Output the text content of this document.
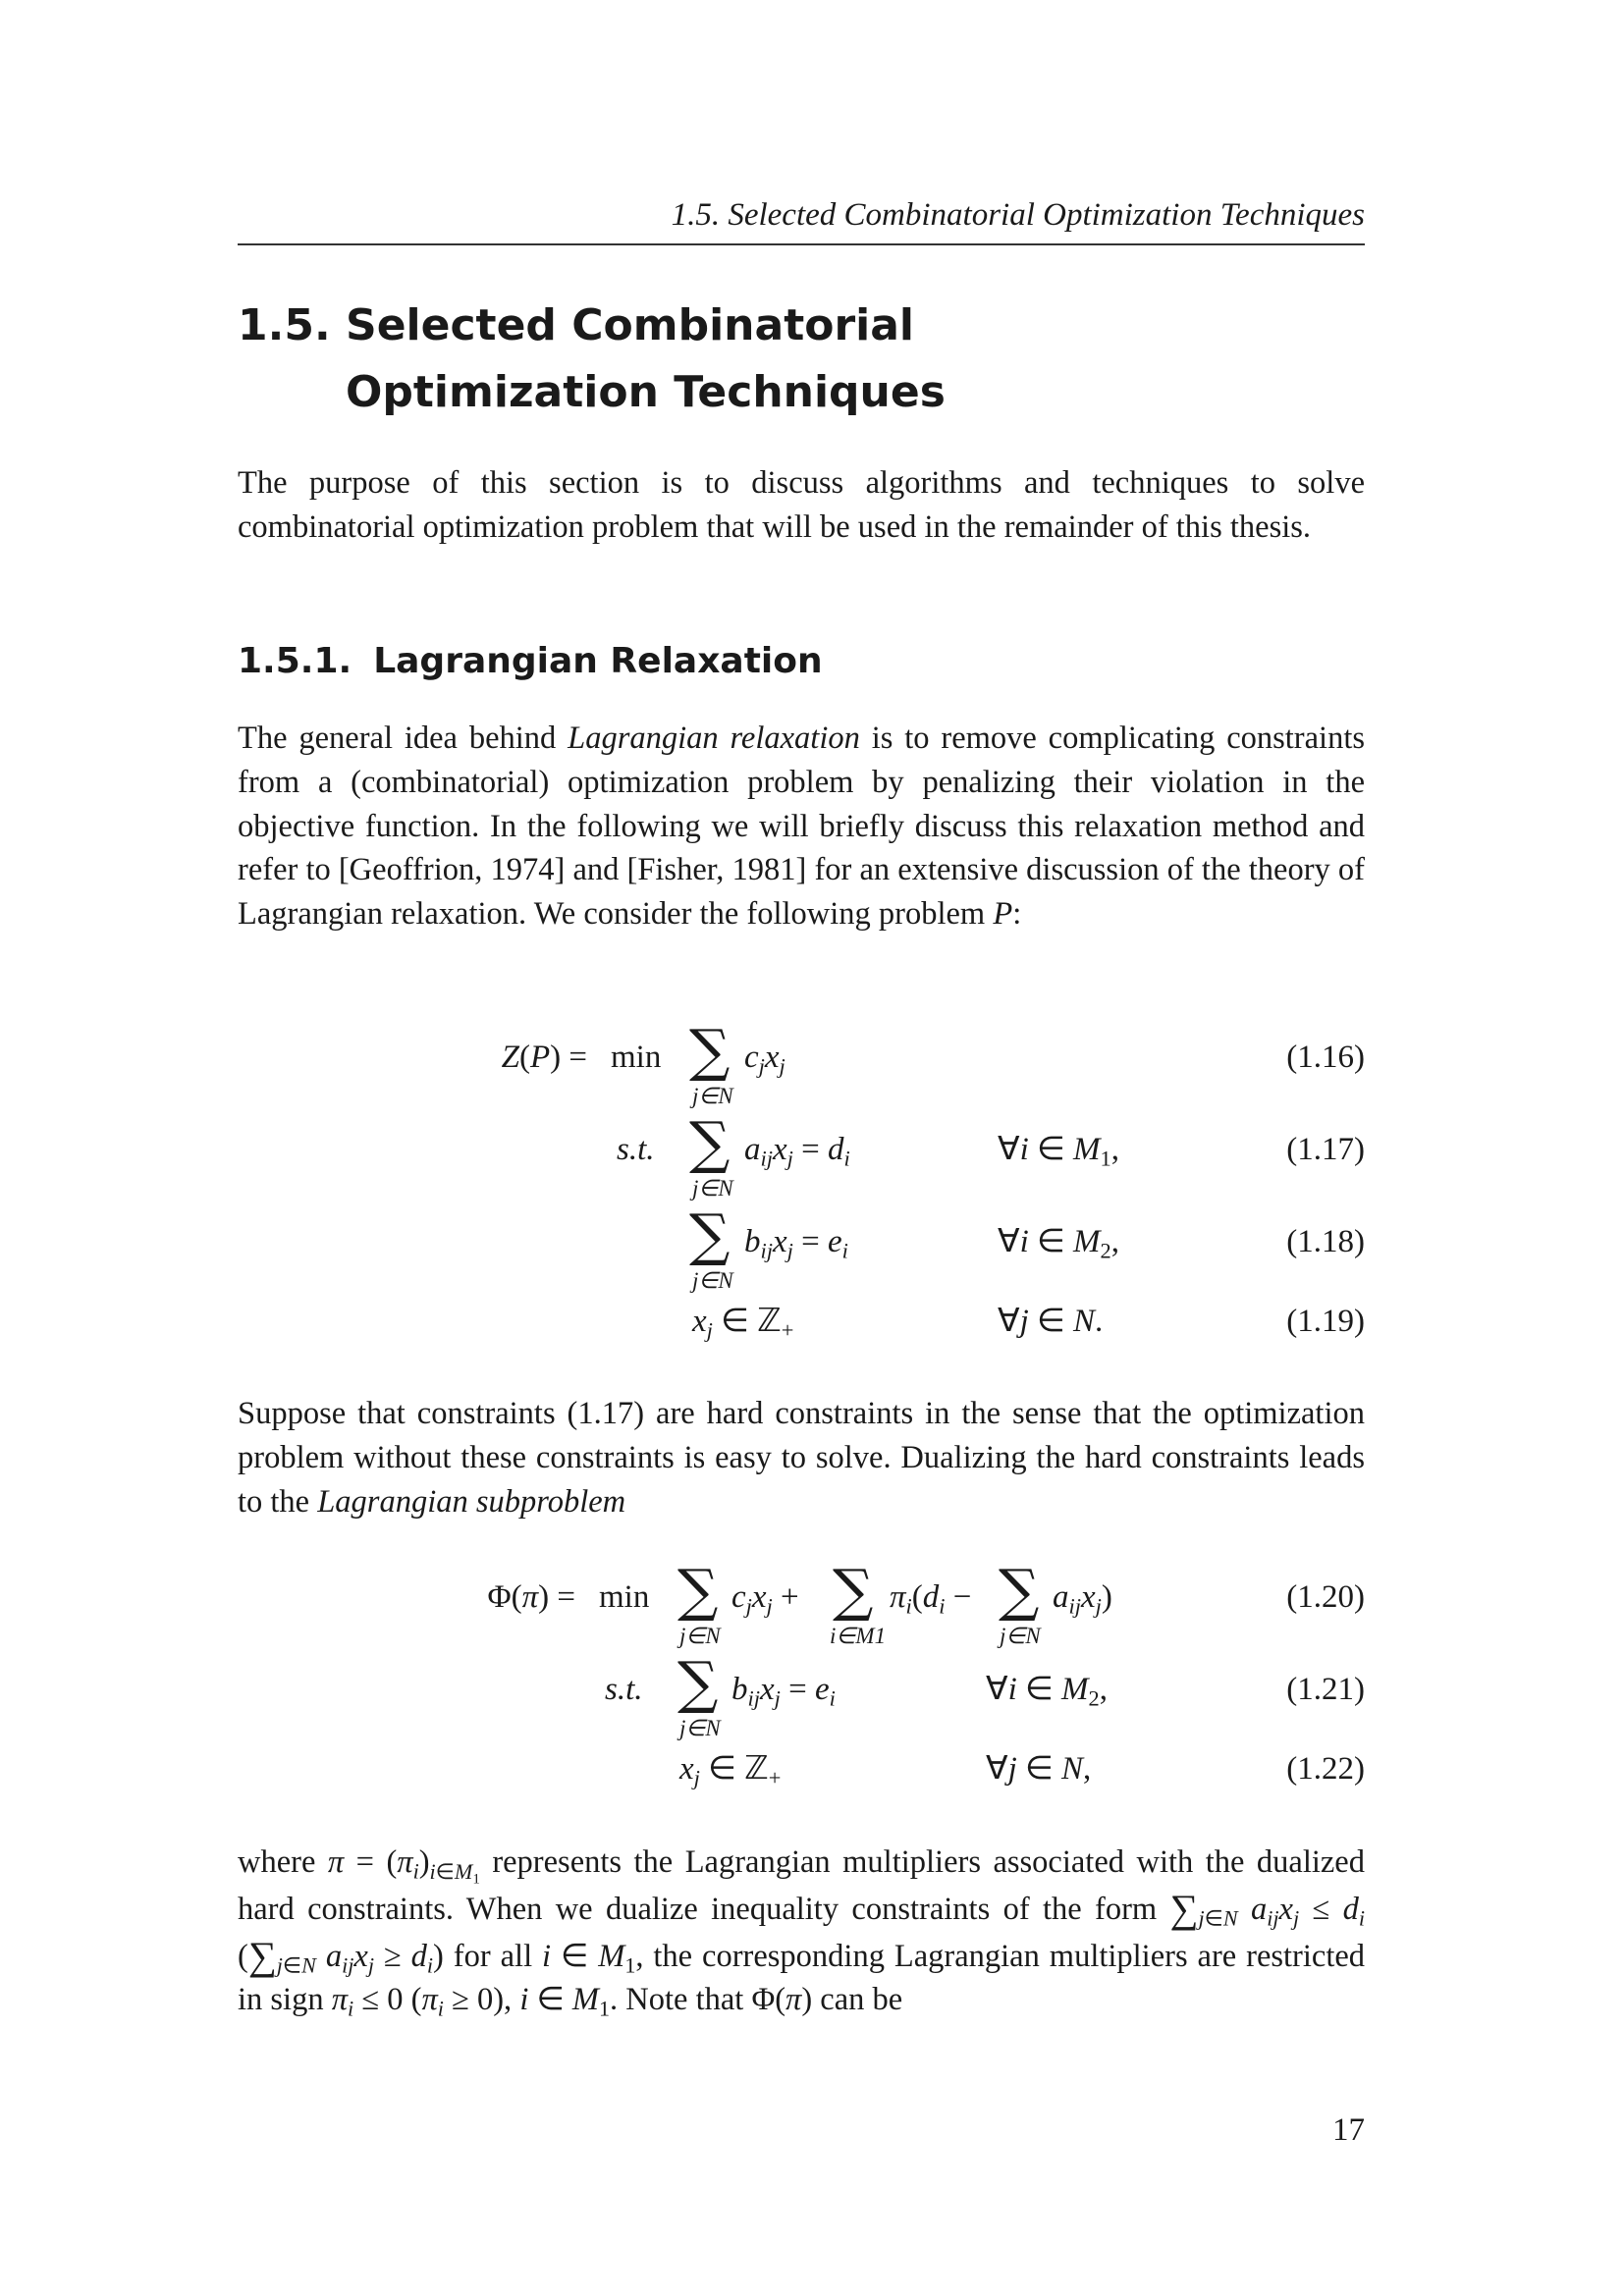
1.5. Selected Combinatorial Optimization Techniques
1.5. Selected Combinatorial Optimization Techniques
The purpose of this section is to discuss algorithms and techniques to solve combinatorial optimization problem that will be used in the remainder of this thesis.
1.5.1. Lagrangian Relaxation
The general idea behind Lagrangian relaxation is to remove complicating constraints from a (combinatorial) optimization problem by penalizing their violation in the objective function. In the following we will briefly discuss this relaxation method and refer to [Geoffrion, 1974] and [Fisher, 1981] for an extensive discussion of the theory of Lagrangian relaxation. We consider the following problem P:
Z(P) = min ∑
j∈N
$c_jx_j$	(1.16)
s.t. ∑
j∈N
$a_{ij}x_j = d_i$	∀i ∈ $M_1$,	(1.17)
∑
j∈N
$b_{ij}x_j = e_i$	∀i ∈ $M_2$,	(1.18)
$x_j$ ∈ ℤ$_+$	∀j ∈ N.	(1.19)
Suppose that constraints (1.17) are hard constraints in the sense that the optimization problem without these constraints is easy to solve. Dualizing the hard constraints leads to the Lagrangian subproblem
Φ(π) = min ∑
j∈N
$c_jx_j$ + ∑
i∈M1
$\pi_i(d_i$ − ∑
j∈N
$a_{ij}x_j$)	(1.20)
s.t. ∑
j∈N
$b_{ij}x_j = e_i$	∀i ∈ $M_2$,	(1.21)
$x_j$ ∈ ℤ$_+$	∀j ∈ N,	(1.22)
where $\pi = (\pi_i)_{i\in M_1}$ represents the Lagrangian multipliers associated with the dualized hard constraints. When we dualize inequality constraints of the form $\sum_{j\in N}$ $a_{ij}x_j \le d_i$ ($\sum_{j\in N}$ $a_{ij}x_j \ge d_i$) for all i ∈ $M_1$, the corresponding Lagrangian multipliers are restricted in sign $\pi_i \le 0$ $(\pi_i \ge 0)$, i ∈ $M_1$. Note that Φ(π) can be
17
